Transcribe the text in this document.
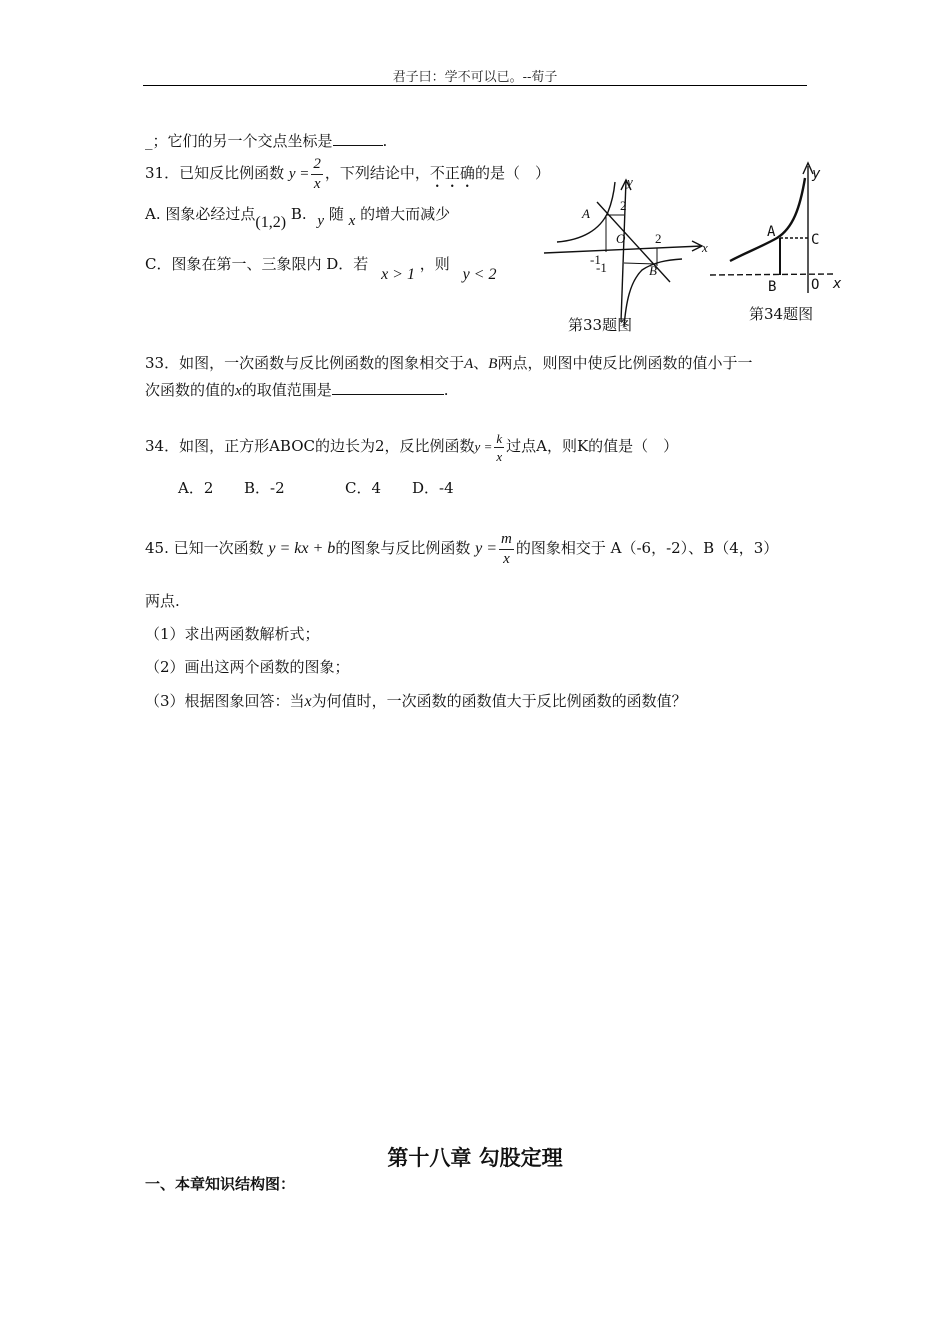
君子曰：学不可以已。--荀子
_；它们的另一个交点坐标是	.
31．已知反比例函数 $y = \frac{2}{x}$ ，下列结论中，不正确的是（　）
A. 图象必经过点(1,2) B. y 随 x 的增大而减少
C．图象在第一、三象限内 D．若 x > 1 ，则 y < 2
y
x
A
B
O
2
2
-1
-1
第33题图
y
x
A
B
C
O
第34题图
33．如图，一次函数与反比例函数的图象相交于A、B两点，则图中使反比例函数的值小于一
次函数的值的x的取值范围是	.
34．如图，正方形ABOC的边长为2，反比例函数$y = \frac{k}{x}$ 过点A，则K的值是（　）
A．2 B．-2	C．4 D．-4
45. 已知一次函数 y = kx + b的图象与反比例函数 $y = \frac{m}{x}$ 的图象相交于 A（-6，-2）、B（4，3）
两点.
（1）求出两函数解析式；
（2）画出这两个函数的图象；
（3）根据图象回答：当x为何值时，一次函数的函数值大于反比例函数的函数值？
第十八章 勾股定理
一、本章知识结构图：
